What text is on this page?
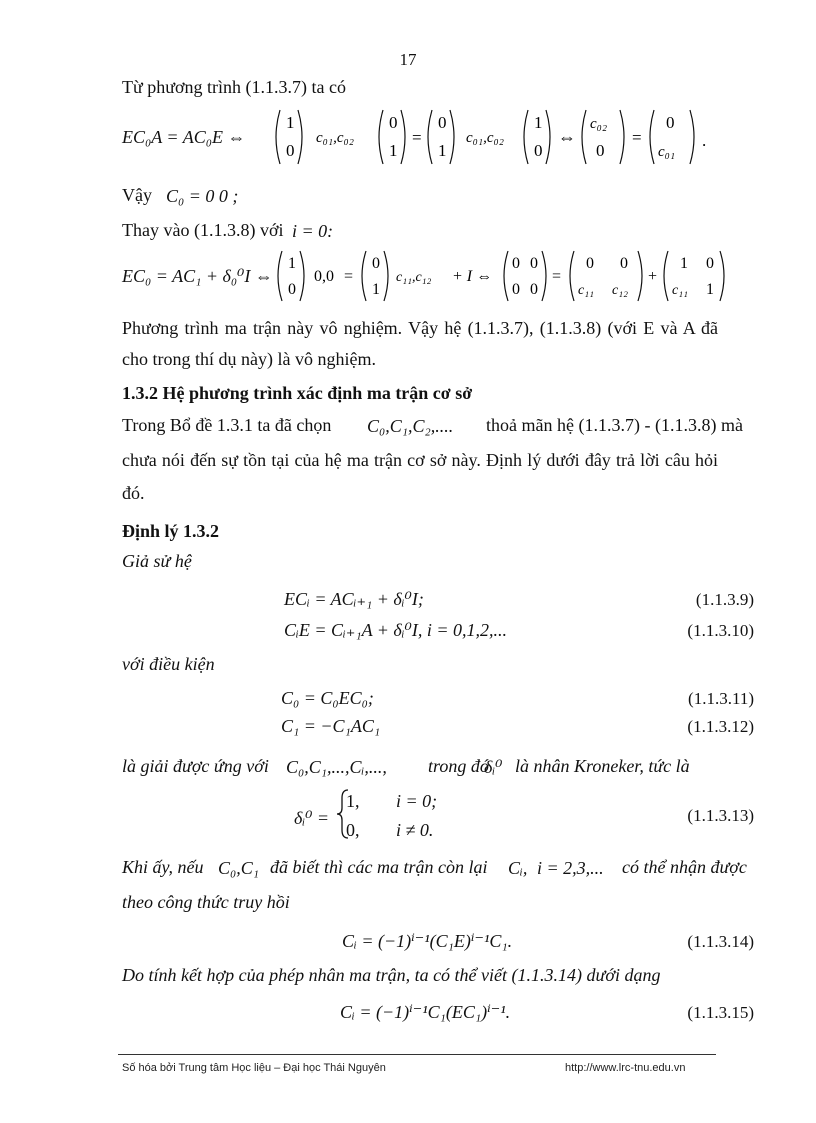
17
Từ phương trình (1.1.3.7) ta có
EC₀A = AC₀E ⇔
1
0
c₀₁,c₀₂
0
1
=
0
1
c₀₁,c₀₂
1
0
⇔
c₀₂
0
=
0
c₀₁
.
Vậy C₀ = 0 0 ;
Thay vào (1.1.3.8) với i = 0:
EC₀ = AC₁ + δ₀⁰I ⇔
1
0
0,0 =
0
1
c₁₁,c₁₂ + I ⇔
0 0
0 0
=
0 0
c₁₁ c₁₂
+
1 0
c₁₁ 1
Phương trình ma trận này vô nghiệm. Vậy hệ (1.1.3.7), (1.1.3.8) (với E và A đã
cho trong thí dụ này) là vô nghiệm.
1.3.2 Hệ phương trình xác định ma trận cơ sở
Trong Bổ đề 1.3.1 ta đã chọn C₀,C₁,C₂,.... thoả mãn hệ (1.1.3.7) - (1.1.3.8) mà
chưa nói đến sự tồn tại của hệ ma trận cơ sở này. Định lý dưới đây trả lời câu hỏi
đó.
Định lý 1.3.2
Giả sử hệ
ECᵢ = ACᵢ₊₁ + δᵢ⁰I;	(1.1.3.9)
CᵢE = Cᵢ₊₁A + δᵢ⁰I, i = 0,1,2,...	(1.1.3.10)
với điều kiện
C₀ = C₀EC₀;	(1.1.3.11)
C₁ = −C₁AC₁	(1.1.3.12)
là giải được ứng với C₀,C₁,...,Cᵢ,..., trong đó
δᵢ⁰ là nhân Kroneker, tức là
δᵢ⁰ =
1, i = 0;
0, i ≠ 0.
(1.1.3.13)
Khi ấy, nếu C₀,C₁ đã biết thì các ma trận còn lại Cᵢ, i = 2,3,... có thể nhận được
theo công thức truy hồi
Cᵢ = (−1)ⁱ⁻¹(C₁E)ⁱ⁻¹C₁.	(1.1.3.14)
Do tính kết hợp của phép nhân ma trận, ta có thể viết (1.1.3.14) dưới dạng
Cᵢ = (−1)ⁱ⁻¹C₁(EC₁)ⁱ⁻¹.	(1.1.3.15)
Số hóa bởi Trung tâm Học liệu – Đại học Thái Nguyên	http://www.lrc-tnu.edu.vn
